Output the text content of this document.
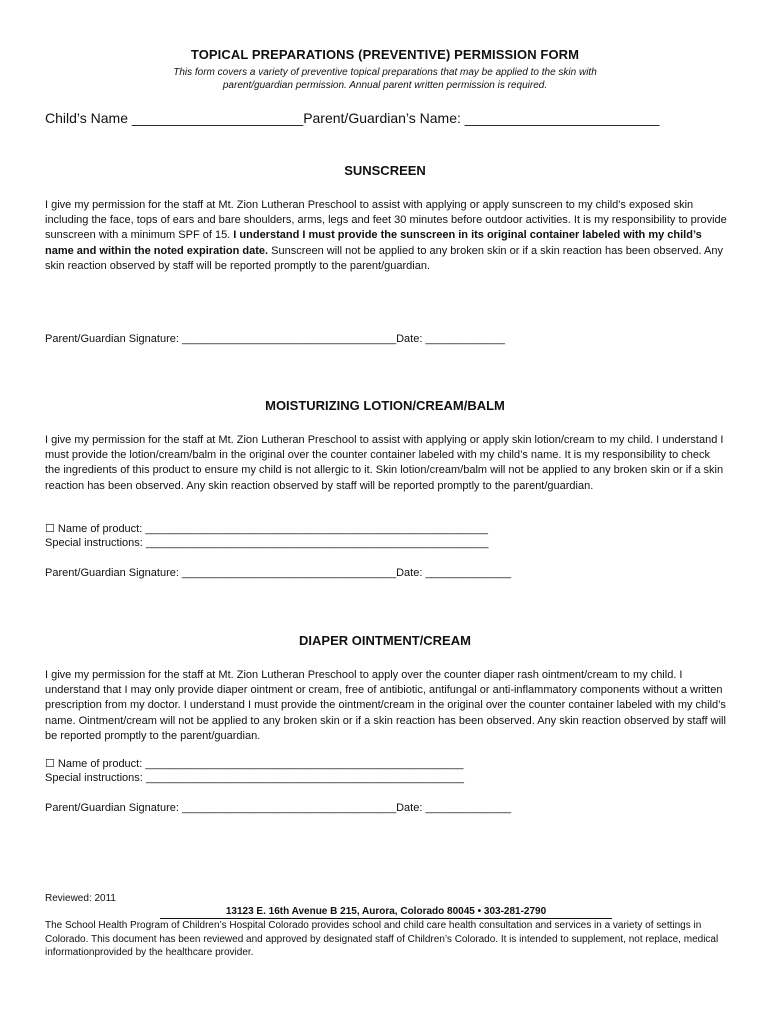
TOPICAL PREPARATIONS (PREVENTIVE) PERMISSION FORM
This form covers a variety of preventive topical preparations that may be applied to the skin with
parent/guardian permission. Annual parent written permission is required.
Child’s Name ______________________Parent/Guardian’s Name: _________________________
SUNSCREEN
I give my permission for the staff at Mt. Zion Lutheran Preschool to assist with applying or apply sunscreen to my child's exposed skin including the face, tops of ears and bare shoulders, arms, legs and feet 30 minutes before outdoor activities. It is my responsibility to provide sunscreen with a minimum SPF of 15. I understand I must provide the sunscreen in its original container labeled with my child’s name and within the noted expiration date. Sunscreen will not be applied to any broken skin or if a skin reaction has been observed. Any skin reaction observed by staff will be reported promptly to the parent/guardian.
Parent/Guardian Signature: ___________________________________Date: _____________
MOISTURIZING LOTION/CREAM/BALM
I give my permission for the staff at Mt. Zion Lutheran Preschool to assist with applying or apply skin lotion/cream to my child. I understand I must provide the lotion/cream/balm in the original over the counter container labeled with my child’s name. It is my responsibility to check the ingredients of this product to ensure my child is not allergic to it. Skin lotion/cream/balm will not be applied to any broken skin or if a skin reaction has been observed. Any skin reaction observed by staff will be reported promptly to the parent/guardian.
☐ Name of product: ________________________________________________________
Special instructions: ________________________________________________________
Parent/Guardian Signature: ___________________________________Date: ______________
DIAPER OINTMENT/CREAM
I give my permission for the staff at Mt. Zion Lutheran Preschool to apply over the counter diaper rash ointment/cream to my child. I understand that I may only provide diaper ointment or cream, free of antibiotic, antifungal or anti-inflammatory components without a written prescription from my doctor. I understand I must provide the ointment/cream in the original over the counter container labeled with my child’s name. Ointment/cream will not be applied to any broken skin or if a skin reaction has been observed. Any skin reaction observed by staff will be reported promptly to the parent/guardian.
☐ Name of product: ____________________________________________________
Special instructions: ____________________________________________________
Parent/Guardian Signature: ___________________________________Date: ______________
Reviewed: 2011
13123 E. 16th Avenue B 215, Aurora, Colorado 80045 • 303-281-2790
The School Health Program of Children’s Hospital Colorado provides school and child care health consultation and services in a variety of settings in Colorado. This document has been reviewed and approved by designated staff of Children’s Colorado. It is intended to supplement, not replace, medical informationprovided by the healthcare provider.
